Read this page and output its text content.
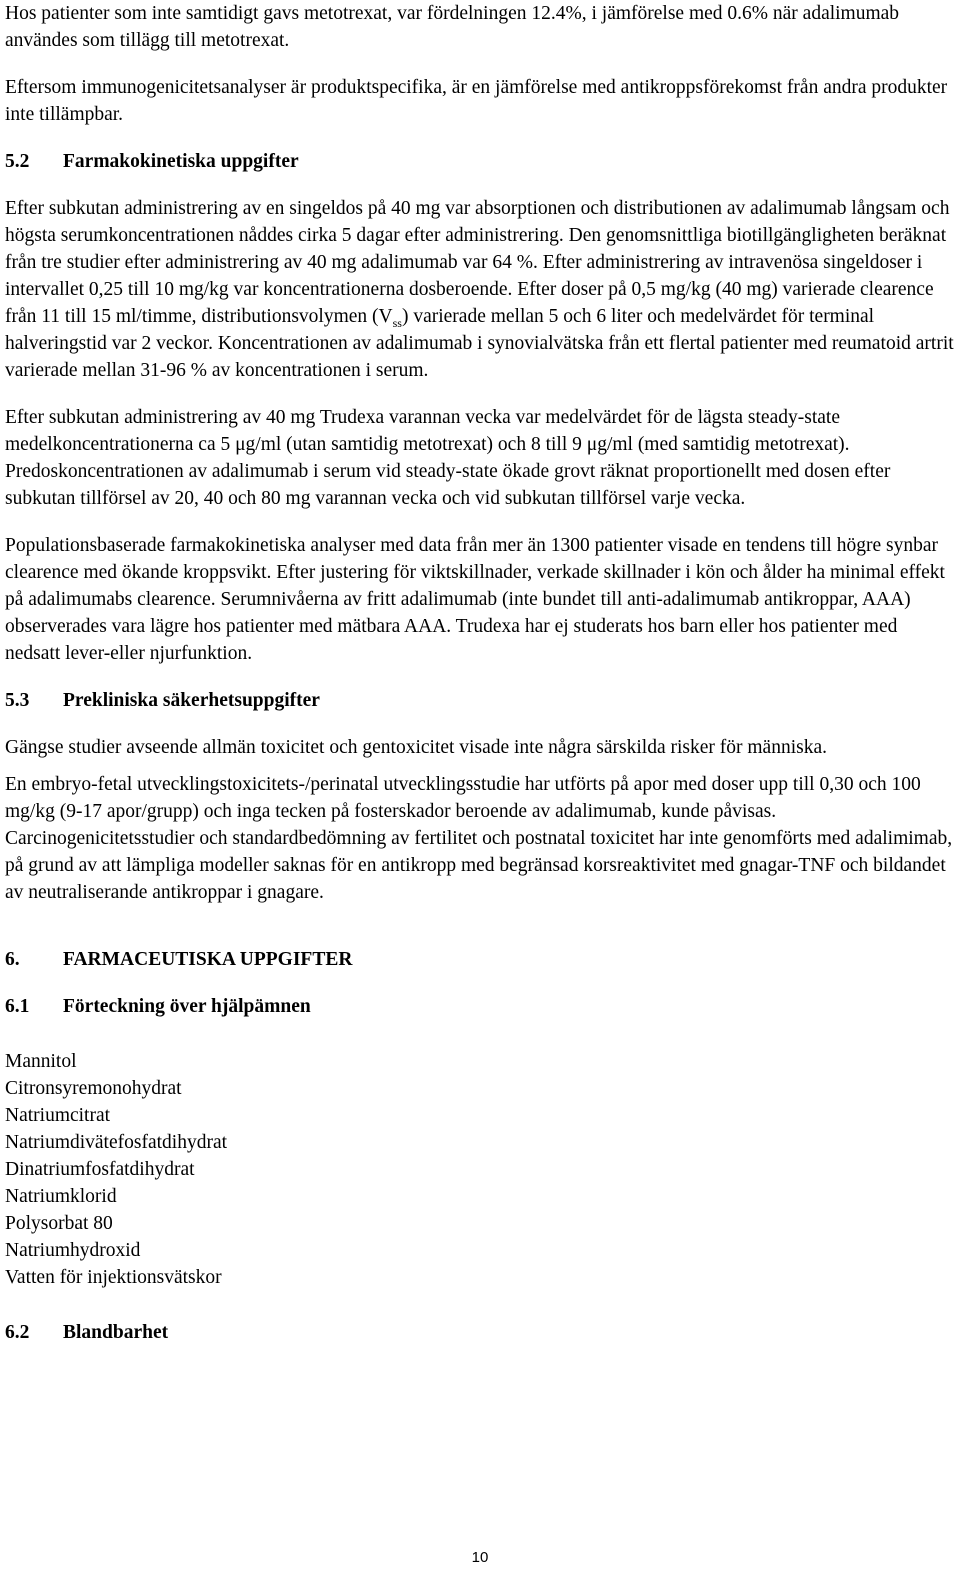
Hos patienter som inte samtidigt gavs metotrexat, var fördelningen 12.4%, i jämförelse med 0.6% när adalimumab användes som tillägg till metotrexat.

Eftersom immunogenicitetsanalyser är produktspecifika, är en jämförelse med antikroppsförekomst från andra produkter inte tillämpbar.

5.2	Farmakokinetiska uppgifter

Efter subkutan administrering av en singeldos på 40 mg var absorptionen och distributionen av adalimumab långsam och högsta serumkoncentrationen nåddes cirka 5 dagar efter administrering. Den genomsnittliga biotillgängligheten beräknat från tre studier efter administrering av 40 mg adalimumab var 64 %. Efter administrering av intravenösa singeldoser i intervallet 0,25 till 10 mg/kg var koncentrationerna dosberoende. Efter doser på 0,5 mg/kg (40 mg) varierade clearence från 11 till 15 ml/timme, distributionsvolymen $(V_{ss})$ varierade mellan 5 och 6 liter och medelvärdet för terminal halveringstid var 2 veckor. Koncentrationen av adalimumab i synovialvätska från ett flertal patienter med reumatoid artrit varierade mellan 31-96 % av koncentrationen i serum.

Efter subkutan administrering av 40 mg Trudexa varannan vecka var medelvärdet för de lägsta steady-state medelkoncentrationerna ca 5 μg/ml (utan samtidig metotrexat) och 8 till 9 μg/ml (med samtidig metotrexat). Predoskoncentrationen av adalimumab i serum vid steady-state ökade grovt räknat proportionellt med dosen efter subkutan tillförsel av 20, 40 och 80 mg varannan vecka och vid subkutan tillförsel varje vecka.

Populationsbaserade farmakokinetiska analyser med data från mer än 1300 patienter visade en tendens till högre synbar clearence med ökande kroppsvikt. Efter justering för viktskillnader, verkade skillnader i kön och ålder ha minimal effekt på adalimumabs clearence. Serumnivåerna av fritt adalimumab (inte bundet till anti-adalimumab antikroppar, AAA) observerades vara lägre hos patienter med mätbara AAA. Trudexa har ej studerats hos barn eller hos patienter med nedsatt lever-eller njurfunktion.

5.3	Prekliniska säkerhetsuppgifter

Gängse studier avseende allmän toxicitet och gentoxicitet visade inte några särskilda risker för människa.

En embryo-fetal utvecklingstoxicitets-/perinatal utvecklingsstudie har utförts på apor med doser upp till 0,30 och 100 mg/kg (9-17 apor/grupp) och inga tecken på fosterskador beroende av adalimumab, kunde påvisas. Carcinogenicitetsstudier och standardbedömning av fertilitet och postnatal toxicitet har inte genomförts med adalimimab, på grund av att lämpliga modeller saknas för en antikropp med begränsad korsreaktivitet med gnagar-TNF och bildandet av neutraliserande antikroppar i gnagare.

6.	FARMACEUTISKA UPPGIFTER
6.1	Förteckning över hjälpämnen
Mannitol
Citronsyremonohydrat
Natriumcitrat
Natriumdivätefosfatdihydrat
Dinatriumfosfatdihydrat
Natriumklorid
Polysorbat 80
Natriumhydroxid
Vatten för injektionsvätskor
6.2	Blandbarhet
10
